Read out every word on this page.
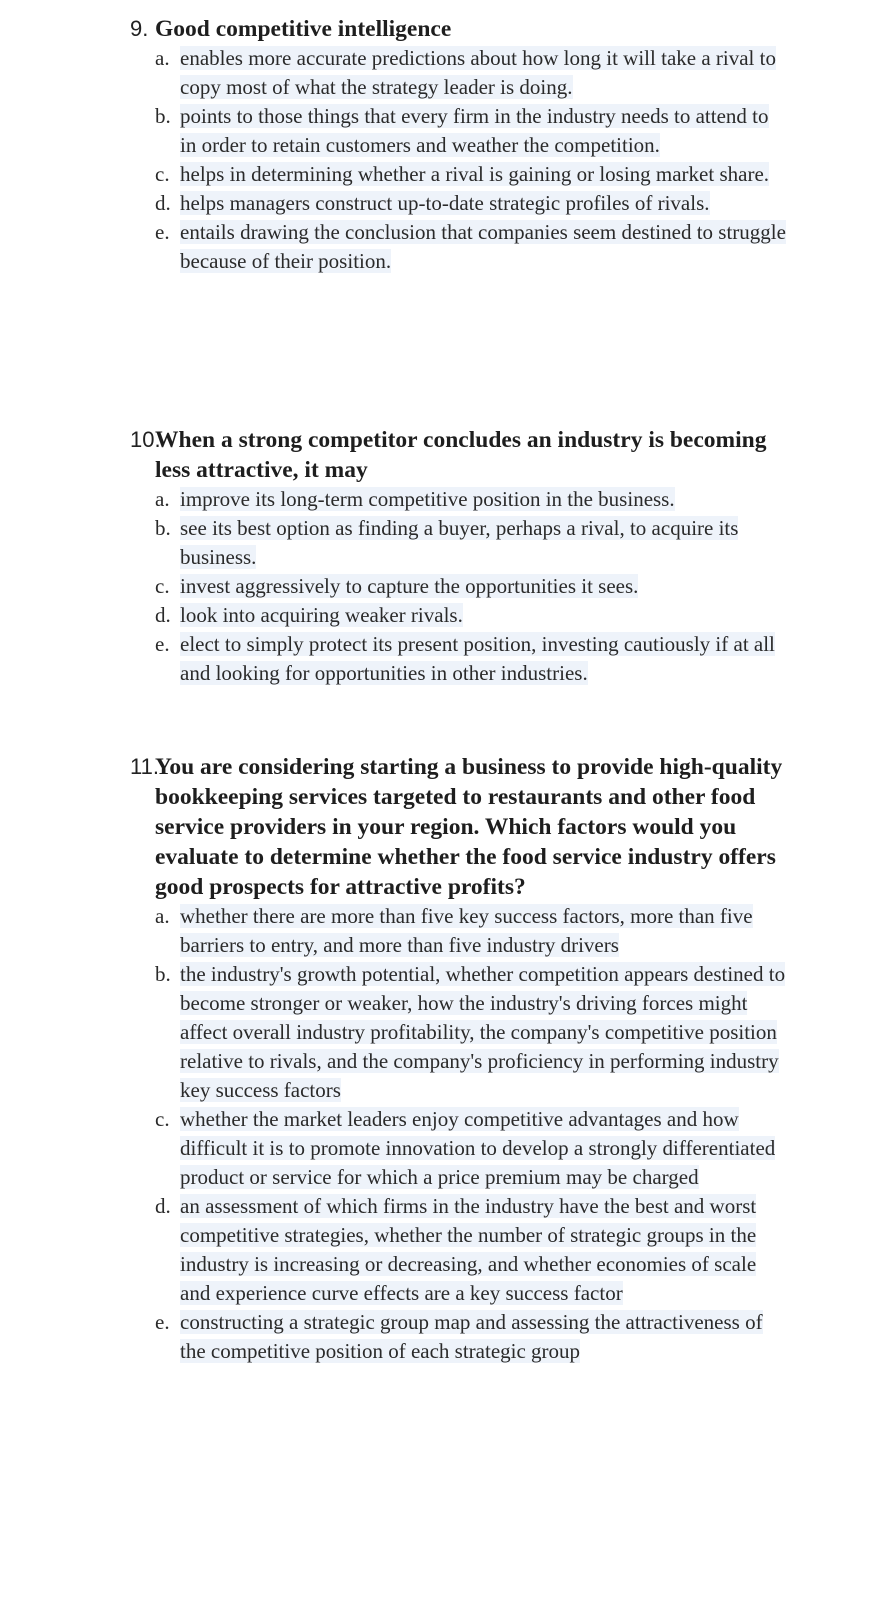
9. Good competitive intelligence
a. enables more accurate predictions about how long it will take a rival to copy most of what the strategy leader is doing.
b. points to those things that every firm in the industry needs to attend to in order to retain customers and weather the competition.
c. helps in determining whether a rival is gaining or losing market share.
d. helps managers construct up-to-date strategic profiles of rivals.
e. entails drawing the conclusion that companies seem destined to struggle because of their position.
10.
When a strong competitor concludes an industry is becoming less attractive, it may
a. improve its long-term competitive position in the business.
b. see its best option as finding a buyer, perhaps a rival, to acquire its business.
c. invest aggressively to capture the opportunities it sees.
d. look into acquiring weaker rivals.
e. elect to simply protect its present position, investing cautiously if at all and looking for opportunities in other industries.
11.
You are considering starting a business to provide high-quality bookkeeping services targeted to restaurants and other food service providers in your region. Which factors would you evaluate to determine whether the food service industry offers good prospects for attractive profits?
a. whether there are more than five key success factors, more than five barriers to entry, and more than five industry drivers
b. the industry's growth potential, whether competition appears destined to become stronger or weaker, how the industry's driving forces might affect overall industry profitability, the company's competitive position relative to rivals, and the company's proficiency in performing industry key success factors
c. whether the market leaders enjoy competitive advantages and how difficult it is to promote innovation to develop a strongly differentiated product or service for which a price premium may be charged
d. an assessment of which firms in the industry have the best and worst competitive strategies, whether the number of strategic groups in the industry is increasing or decreasing, and whether economies of scale and experience curve effects are a key success factor
e. constructing a strategic group map and assessing the attractiveness of the competitive position of each strategic group
